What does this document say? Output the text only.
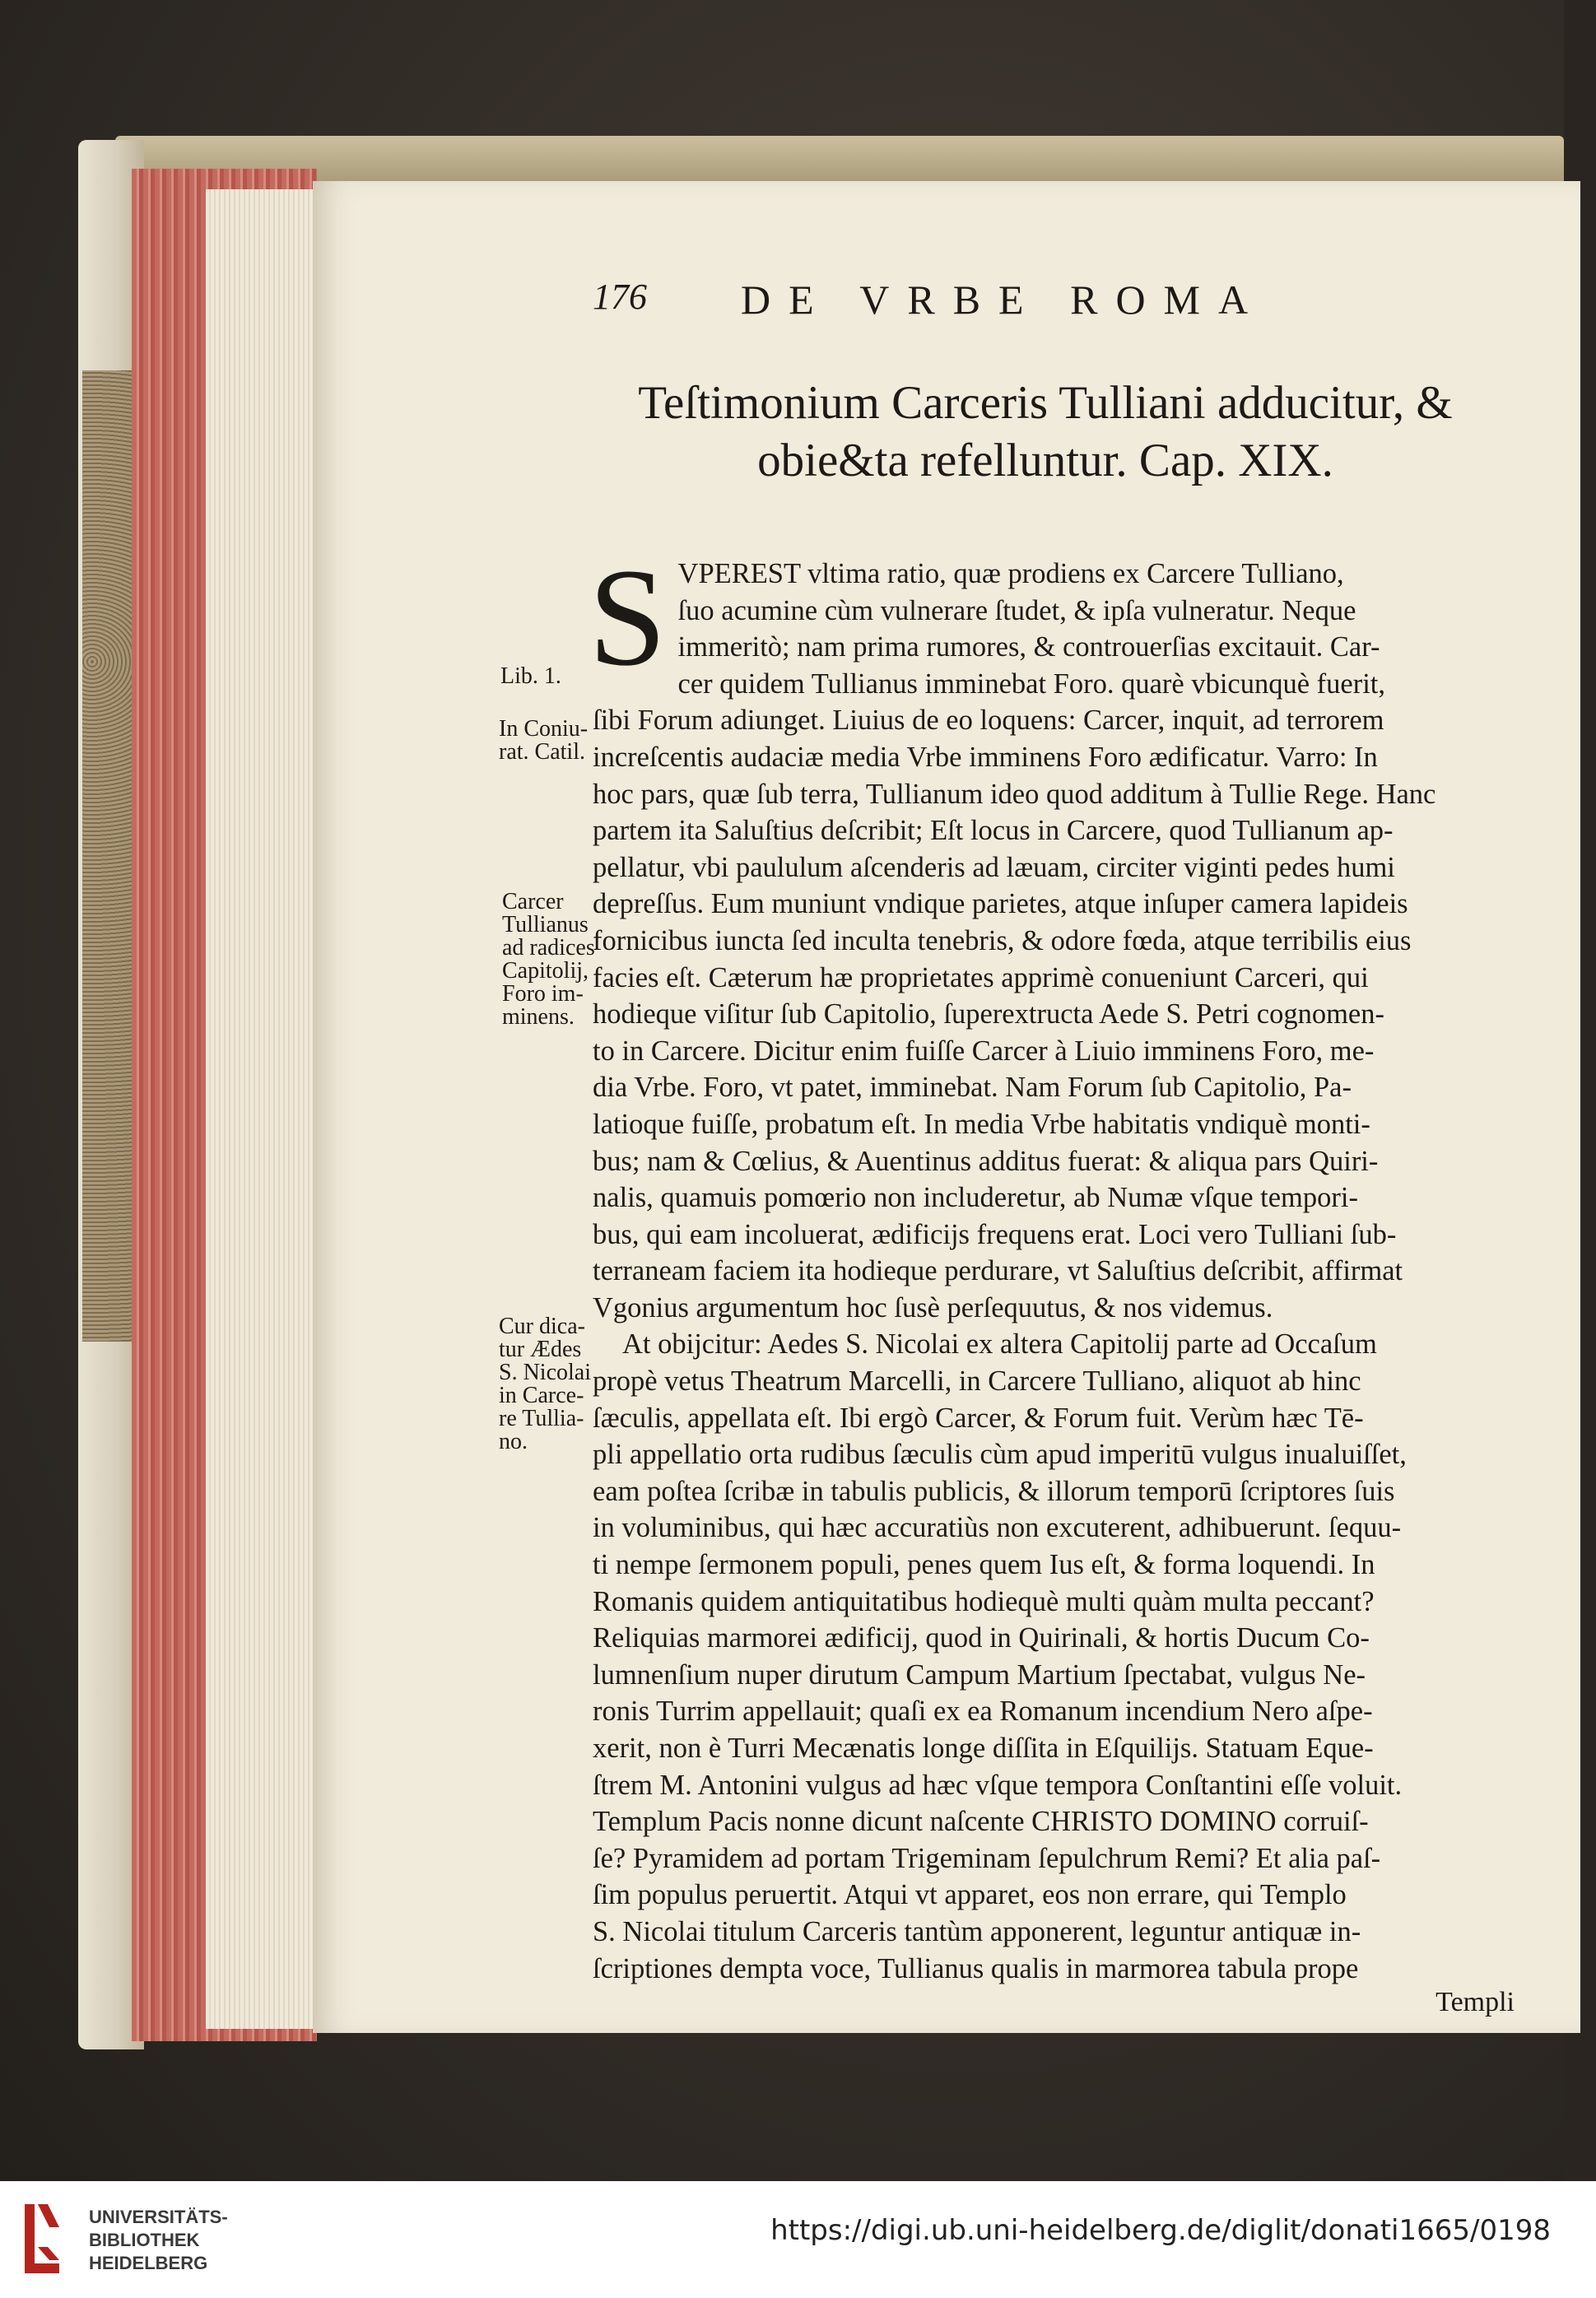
Lib. 1.
In Coniu-
rat. Catil.
Carcer
Tullianus
ad radices
Capitolij,
Foro im-
minens.
Cur dica-
tur Ædes
S. Nicolai
in Carce-
re Tullia-
no.
176 DE VRBE ROMA
Teſtimonium Carceris Tulliani adducitur, &
obie&ta refelluntur. Cap. XIX.
S VPEREST vltima ratio, quæ prodiens ex Carcere Tulliano,
ſuo acumine cùm vulnerare ſtudet, & ipſa vulneratur. Neque
immeritò; nam prima rumores, & controuerſias excitauit. Car-
cer quidem Tullianus imminebat Foro. quarè vbicunquè fuerit,
ſibi Forum adiunget. Liuius de eo loquens: Carcer, inquit, ad terrorem
increſcentis audaciæ media Vrbe imminens Foro ædificatur. Varro: In
hoc pars, quæ ſub terra, Tullianum ideo quod additum à Tullie Rege. Hanc
partem ita Saluſtius deſcribit; Eſt locus in Carcere, quod Tullianum ap-
pellatur, vbi paululum aſcenderis ad læuam, circiter viginti pedes humi
depreſſus. Eum muniunt vndique parietes, atque inſuper camera lapideis
fornicibus iuncta ſed inculta tenebris, & odore fœda, atque terribilis eius
facies eſt. Cæterum hæ proprietates apprimè conueniunt Carceri, qui
hodieque viſitur ſub Capitolio, ſuperextructa Aede S. Petri cognomen-
to in Carcere. Dicitur enim fuiſſe Carcer à Liuio imminens Foro, me-
dia Vrbe. Foro, vt patet, imminebat. Nam Forum ſub Capitolio, Pa-
latioque fuiſſe, probatum eſt. In media Vrbe habitatis vndiquè monti-
bus; nam & Cœlius, & Auentinus additus fuerat: & aliqua pars Quiri-
nalis, quamuis pomœrio non includeretur, ab Numæ vſque tempori-
bus, qui eam incoluerat, ædificijs frequens erat. Loci vero Tulliani ſub-
terraneam faciem ita hodieque perdurare, vt Saluſtius deſcribit, affirmat
Vgonius argumentum hoc ſusè perſequutus, & nos videmus.
At obijcitur: Aedes S. Nicolai ex altera Capitolij parte ad Occaſum
propè vetus Theatrum Marcelli, in Carcere Tulliano, aliquot ab hinc
ſæculis, appellata eſt. Ibi ergò Carcer, & Forum fuit. Verùm hæc Tē-
pli appellatio orta rudibus ſæculis cùm apud imperitū vulgus inualuiſſet,
eam poſtea ſcribæ in tabulis publicis, & illorum temporū ſcriptores ſuis
in voluminibus, qui hæc accuratiùs non excuterent, adhibuerunt. ſequu-
ti nempe ſermonem populi, penes quem Ius eſt, & forma loquendi. In
Romanis quidem antiquitatibus hodiequè multi quàm multa peccant?
Reliquias marmorei ædificij, quod in Quirinali, & hortis Ducum Co-
lumnenſium nuper dirutum Campum Martium ſpectabat, vulgus Ne-
ronis Turrim appellauit; quaſi ex ea Romanum incendium Nero aſpe-
xerit, non è Turri Mecænatis longe diſſita in Eſquilijs. Statuam Eque-
ſtrem M. Antonini vulgus ad hæc vſque tempora Conſtantini eſſe voluit.
Templum Pacis nonne dicunt naſcente CHRISTO DOMINO corruiſ-
ſe? Pyramidem ad portam Trigeminam ſepulchrum Remi? Et alia paſ-
ſim populus peruertit. Atqui vt apparet, eos non errare, qui Templo
S. Nicolai titulum Carceris tantùm apponerent, leguntur antiquæ in-
ſcriptiones dempta voce, Tullianus qualis in marmorea tabula prope
Templi
UNIVERSITÄTS-
BIBLIOTHEK
HEIDELBERG
https://digi.ub.uni-heidelberg.de/diglit/donati1665/0198
